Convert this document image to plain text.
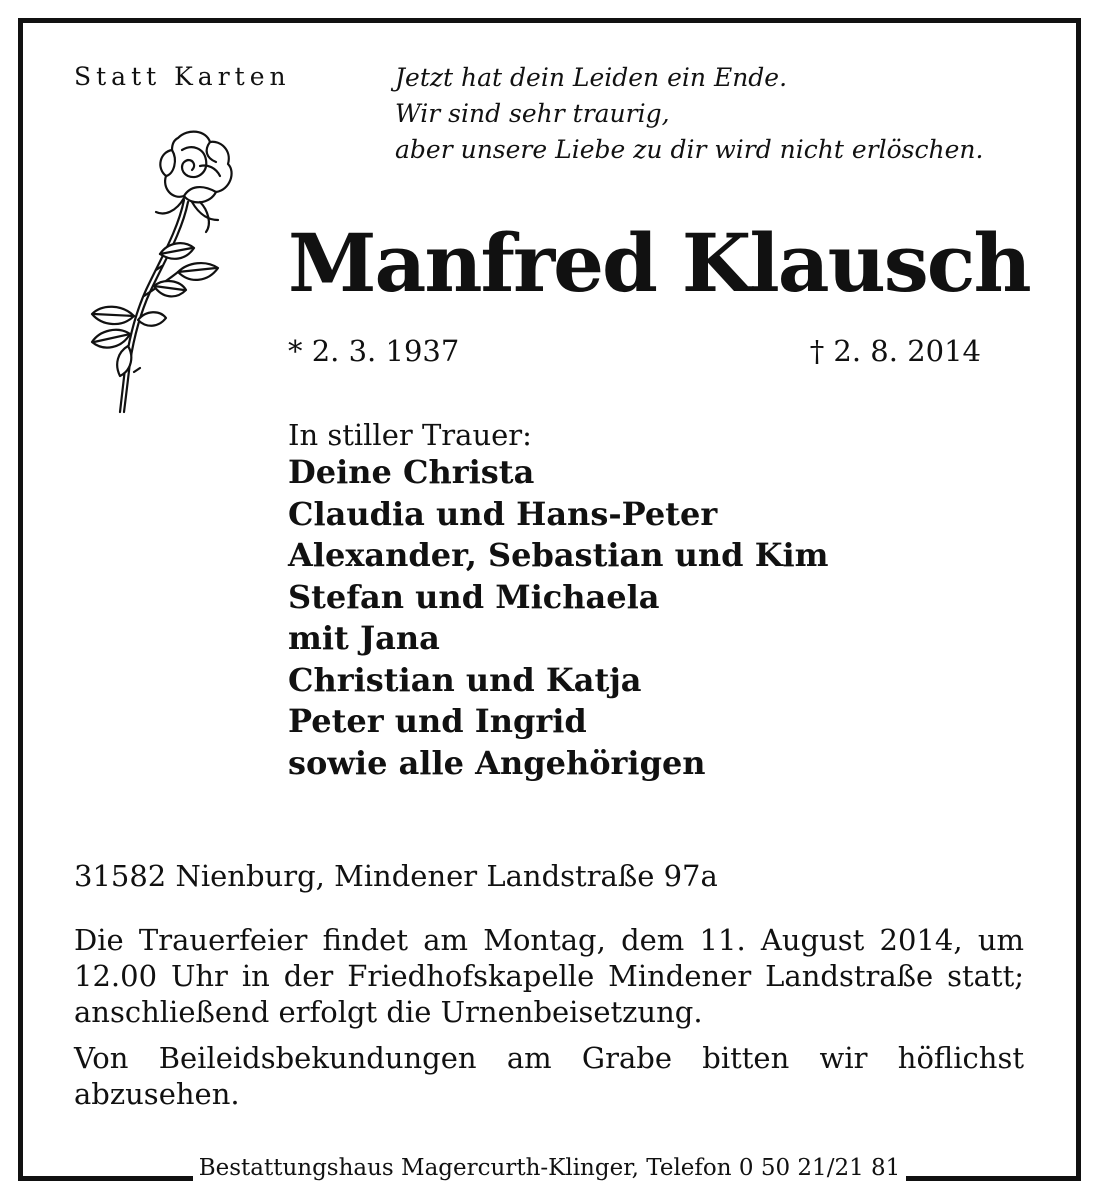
Statt Karten	Jetzt hat dein Leiden ein Ende.
Wir sind sehr traurig,
aber unsere Liebe zu dir wird nicht erlöschen.
Manfred Klausch
* 2. 3. 1937	† 2. 8. 2014
In stiller Trauer:
Deine Christa
Claudia und Hans-Peter
Alexander, Sebastian und Kim
Stefan und Michaela
mit Jana
Christian und Katja
Peter und Ingrid
sowie alle Angehörigen
31582 Nienburg, Mindener Landstraße 97a
Die Trauerfeier findet am Montag, dem 11. August 2014, um 12.00 Uhr in der Friedhofskapelle Mindener Landstraße statt; anschließend erfolgt die Urnenbeisetzung.
Von Beileidsbekundungen am Grabe bitten wir höflichst abzusehen.
Bestattungshaus Magercurth-Klinger, Telefon 0 50 21/21 81
